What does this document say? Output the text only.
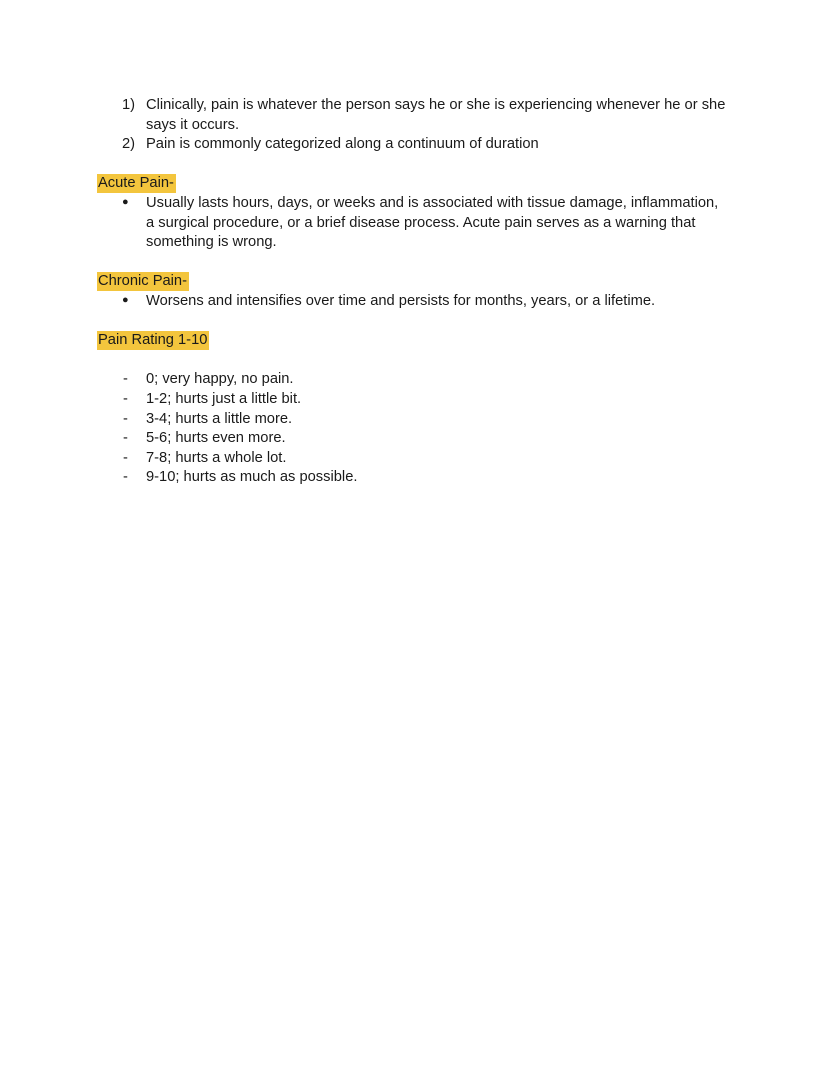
1) Clinically, pain is whatever the person says he or she is experiencing whenever he or she says it occurs.
2) Pain is commonly categorized along a continuum of duration
Acute Pain-
● Usually lasts hours, days, or weeks and is associated with tissue damage, inflammation, a surgical procedure, or a brief disease process. Acute pain serves as a warning that something is wrong.
Chronic Pain-
● Worsens and intensifies over time and persists for months, years, or a lifetime.
Pain Rating 1-10
- 0; very happy, no pain.
- 1-2; hurts just a little bit.
- 3-4; hurts a little more.
- 5-6; hurts even more.
- 7-8; hurts a whole lot.
- 9-10; hurts as much as possible.
